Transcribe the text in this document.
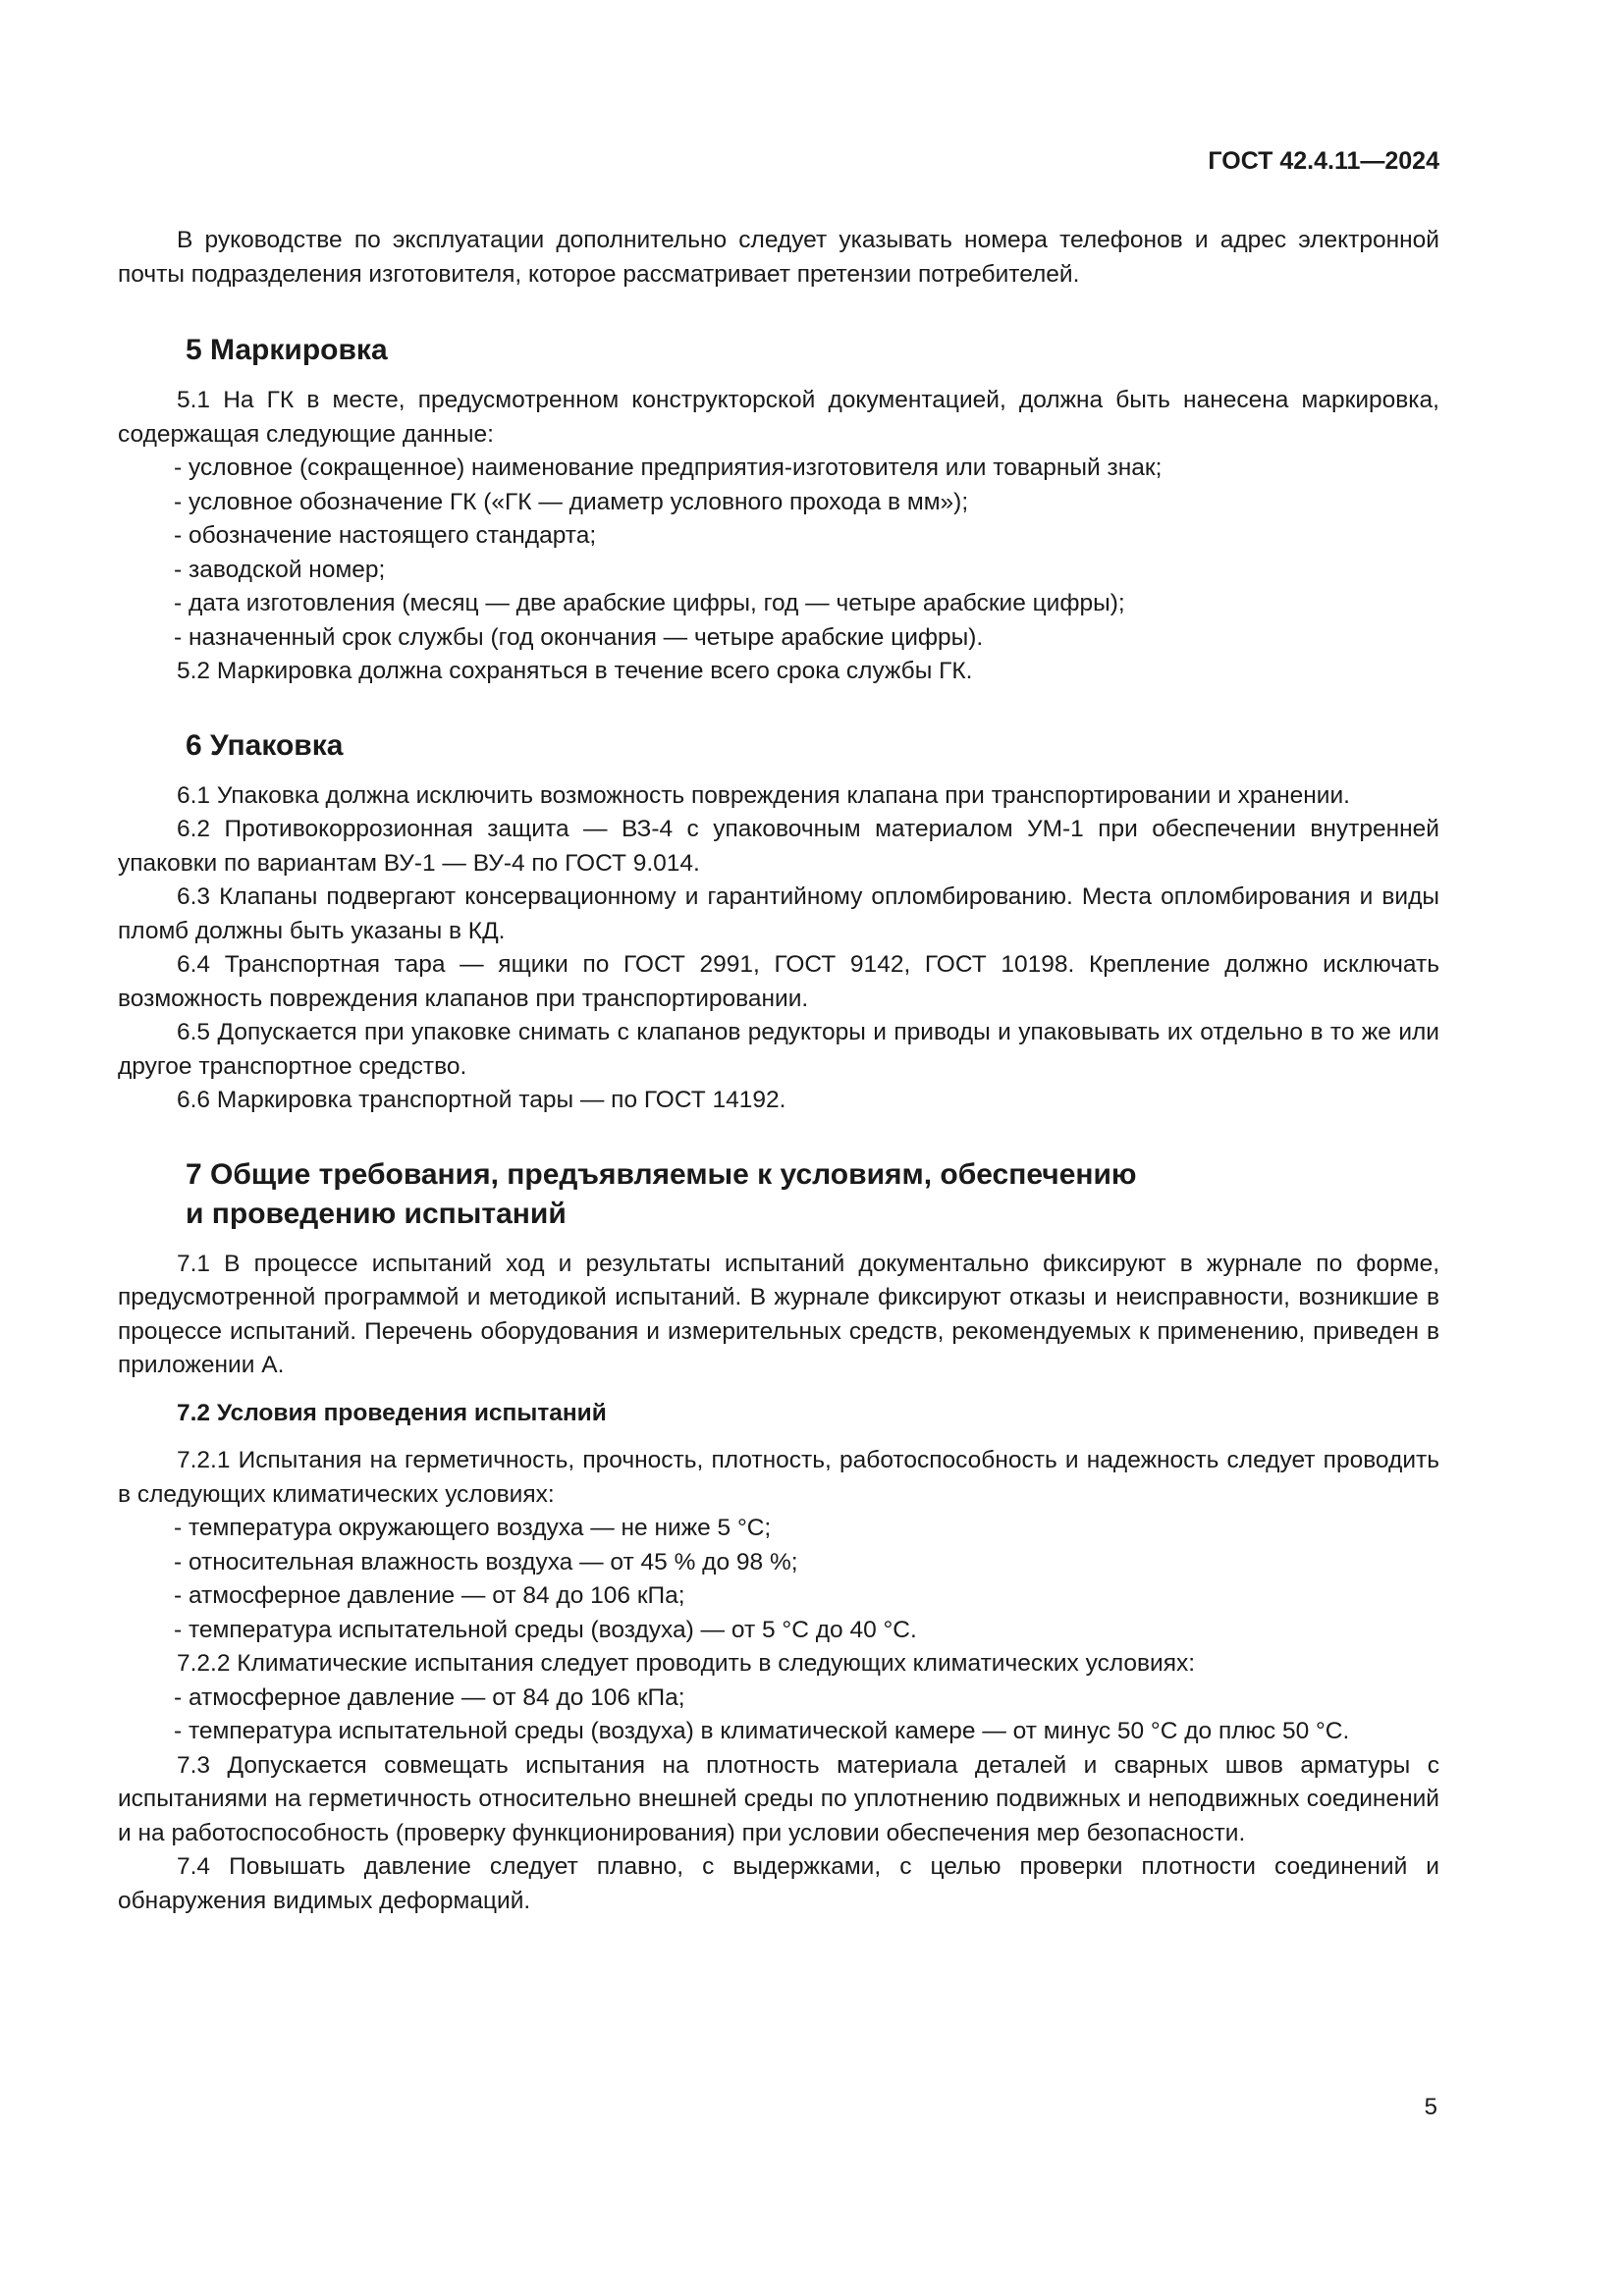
ГОСТ 42.4.11—2024

В руководстве по эксплуатации дополнительно следует указывать номера телефонов и адрес электронной почты подразделения изготовителя, которое рассматривает претензии потребителей.

5 Маркировка

5.1 На ГК в месте, предусмотренном конструкторской документацией, должна быть нанесена маркировка, содержащая следующие данные:

- условное (сокращенное) наименование предприятия-изготовителя или товарный знак;

- условное обозначение ГК («ГК — диаметр условного прохода в мм»);

- обозначение настоящего стандарта;

- заводской номер;

- дата изготовления (месяц — две арабские цифры, год — четыре арабские цифры);

- назначенный срок службы (год окончания — четыре арабские цифры).

5.2 Маркировка должна сохраняться в течение всего срока службы ГК.

6 Упаковка

6.1 Упаковка должна исключить возможность повреждения клапана при транспортировании и хранении.

6.2 Противокоррозионная защита — ВЗ-4 с упаковочным материалом УМ-1 при обеспечении внутренней упаковки по вариантам ВУ-1 — ВУ-4 по ГОСТ 9.014.

6.3 Клапаны подвергают консервационному и гарантийному опломбированию. Места опломбирования и виды пломб должны быть указаны в КД.

6.4 Транспортная тара — ящики по ГОСТ 2991, ГОСТ 9142, ГОСТ 10198. Крепление должно исключать возможность повреждения клапанов при транспортировании.

6.5 Допускается при упаковке снимать с клапанов редукторы и приводы и упаковывать их отдельно в то же или другое транспортное средство.

6.6 Маркировка транспортной тары — по ГОСТ 14192.

7 Общие требования, предъявляемые к условиям, обеспечению
и проведению испытаний

7.1 В процессе испытаний ход и результаты испытаний документально фиксируют в журнале по форме, предусмотренной программой и методикой испытаний. В журнале фиксируют отказы и неисправности, возникшие в процессе испытаний. Перечень оборудования и измерительных средств, рекомендуемых к применению, приведен в приложении А.

7.2 Условия проведения испытаний

7.2.1 Испытания на герметичность, прочность, плотность, работоспособность и надежность следует проводить в следующих климатических условиях:

- температура окружающего воздуха — не ниже 5 °С;

- относительная влажность воздуха — от 45 % до 98 %;

- атмосферное давление — от 84 до 106 кПа;

- температура испытательной среды (воздуха) — от 5 °С до 40 °С.

7.2.2 Климатические испытания следует проводить в следующих климатических условиях:

- атмосферное давление — от 84 до 106 кПа;

- температура испытательной среды (воздуха) в климатической камере — от минус 50 °С до плюс 50 °С.

7.3 Допускается совмещать испытания на плотность материала деталей и сварных швов арматуры с испытаниями на герметичность относительно внешней среды по уплотнению подвижных и неподвижных соединений и на работоспособность (проверку функционирования) при условии обеспечения мер безопасности.

7.4 Повышать давление следует плавно, с выдержками, с целью проверки плотности соединений и обнаружения видимых деформаций.

5
